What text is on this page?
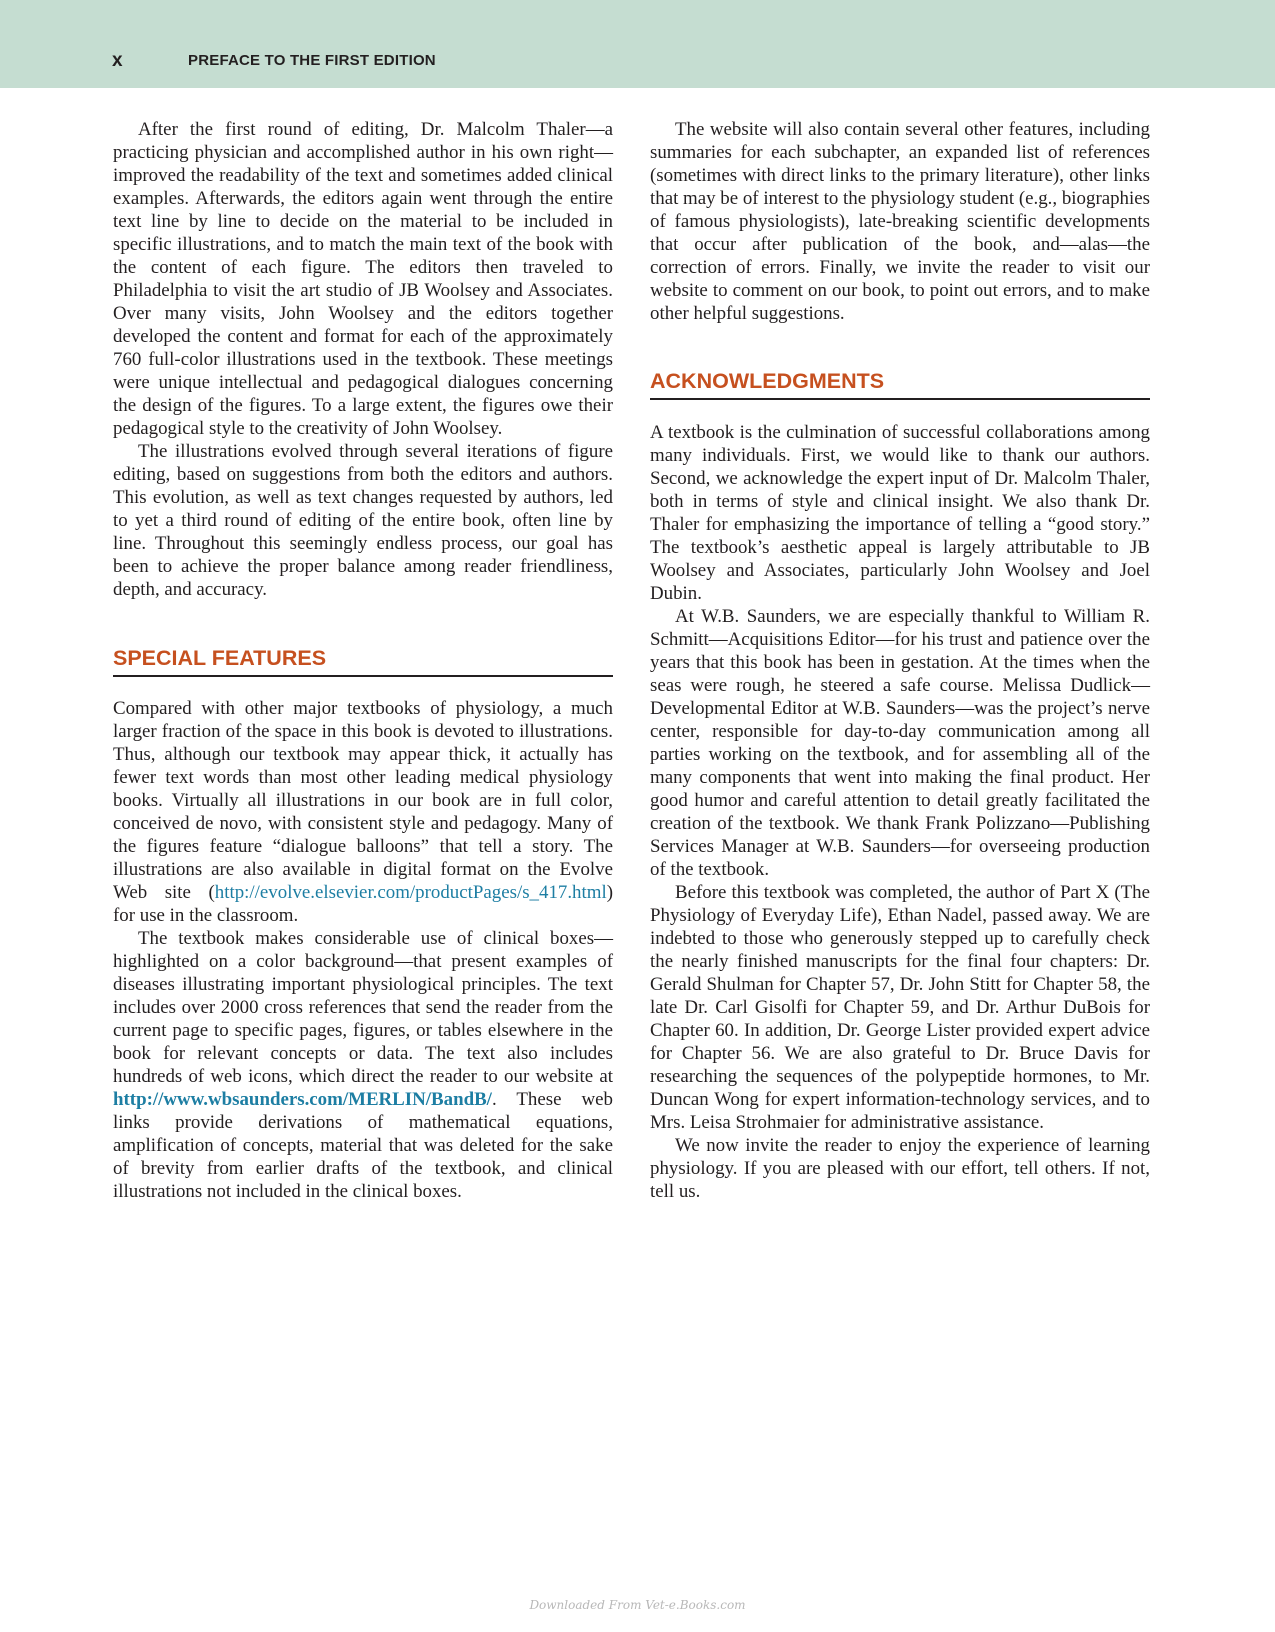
x	PREFACE TO THE FIRST EDITION

After the first round of editing, Dr. Malcolm Thaler—a practicing physician and accomplished author in his own right—improved the readability of the text and sometimes added clinical examples. Afterwards, the editors again went through the entire text line by line to decide on the material to be included in specific illustrations, and to match the main text of the book with the content of each figure. The editors then traveled to Philadelphia to visit the art studio of JB Woolsey and Associates. Over many visits, John Woolsey and the editors together developed the content and format for each of the approximately 760 full-color illustrations used in the textbook. These meetings were unique intellectual and pedagogical dialogues concerning the design of the figures. To a large extent, the figures owe their pedagogical style to the creativity of John Woolsey.

The illustrations evolved through several iterations of figure editing, based on suggestions from both the editors and authors. This evolution, as well as text changes requested by authors, led to yet a third round of editing of the entire book, often line by line. Throughout this seemingly endless process, our goal has been to achieve the proper balance among reader friendliness, depth, and accuracy.

SPECIAL FEATURES

Compared with other major textbooks of physiology, a much larger fraction of the space in this book is devoted to illustrations. Thus, although our textbook may appear thick, it actually has fewer text words than most other leading medical physiology books. Virtually all illustrations in our book are in full color, conceived de novo, with consistent style and pedagogy. Many of the figures feature “dialogue balloons” that tell a story. The illustrations are also available in digital format on the Evolve Web site (http://evolve.elsevier.com/productPages/s_417.html) for use in the classroom.

The textbook makes considerable use of clinical boxes—highlighted on a color background—that present examples of diseases illustrating important physiological principles. The text includes over 2000 cross references that send the reader from the current page to specific pages, figures, or tables elsewhere in the book for relevant concepts or data. The text also includes hundreds of web icons, which direct the reader to our website at http://www.wbsaunders.com/MERLIN/BandB/. These web links provide derivations of mathematical equations, amplification of concepts, material that was deleted for the sake of brevity from earlier drafts of the textbook, and clinical illustrations not included in the clinical boxes.

The website will also contain several other features, including summaries for each subchapter, an expanded list of references (sometimes with direct links to the primary literature), other links that may be of interest to the physiology student (e.g., biographies of famous physiologists), late-breaking scientific developments that occur after publication of the book, and—alas—the correction of errors. Finally, we invite the reader to visit our website to comment on our book, to point out errors, and to make other helpful suggestions.

ACKNOWLEDGMENTS

A textbook is the culmination of successful collaborations among many individuals. First, we would like to thank our authors. Second, we acknowledge the expert input of Dr. Malcolm Thaler, both in terms of style and clinical insight. We also thank Dr. Thaler for emphasizing the importance of telling a “good story.” The textbook’s aesthetic appeal is largely attributable to JB Woolsey and Associates, particularly John Woolsey and Joel Dubin.

At W.B. Saunders, we are especially thankful to William R. Schmitt—Acquisitions Editor—for his trust and patience over the years that this book has been in gestation. At the times when the seas were rough, he steered a safe course. Melissa Dudlick—Developmental Editor at W.B. Saunders—was the project’s nerve center, responsible for day-to-day communication among all parties working on the textbook, and for assembling all of the many components that went into making the final product. Her good humor and careful attention to detail greatly facilitated the creation of the textbook. We thank Frank Polizzano—Publishing Services Manager at W.B. Saunders—for overseeing production of the textbook.

Before this textbook was completed, the author of Part X (The Physiology of Everyday Life), Ethan Nadel, passed away. We are indebted to those who generously stepped up to carefully check the nearly finished manuscripts for the final four chapters: Dr. Gerald Shulman for Chapter 57, Dr. John Stitt for Chapter 58, the late Dr. Carl Gisolfi for Chapter 59, and Dr. Arthur DuBois for Chapter 60. In addition, Dr. George Lister provided expert advice for Chapter 56. We are also grateful to Dr. Bruce Davis for researching the sequences of the polypeptide hormones, to Mr. Duncan Wong for expert information-technology services, and to Mrs. Leisa Strohmaier for administrative assistance.

We now invite the reader to enjoy the experience of learning physiology. If you are pleased with our effort, tell others. If not, tell us.

Downloaded From Vet-e.Books.com
